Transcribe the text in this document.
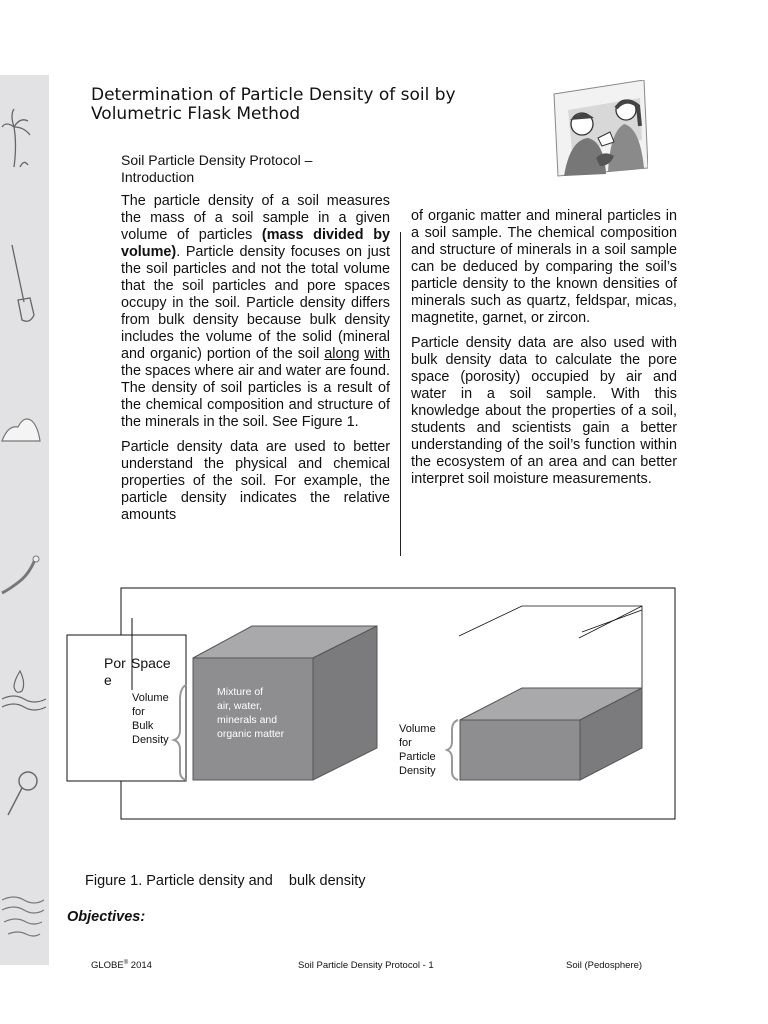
Determination of Particle Density of soil by Volumetric Flask Method
Soil Particle Density Protocol – Introduction

The particle density of a soil measures the mass of a soil sample in a given volume of particles (mass divided by volume). Particle density focuses on just the soil particles and not the total volume that the soil particles and pore spaces occupy in the soil. Particle density differs from bulk density because bulk density includes the volume of the solid (mineral and organic) portion of the soil along with the spaces where air and water are found. The density of soil particles is a result of the chemical composition and structure of the minerals in the soil. See Figure 1.

Particle density data are used to better understand the physical and chemical properties of the soil. For example, the particle density indicates the relative amounts

of organic matter and mineral particles in a soil sample. The chemical composition and structure of minerals in a soil sample can be deduced by comparing the soil’s particle density to the known densities of minerals such as quartz, feldspar, micas, magnetite, garnet, or zircon.

Particle density data are also used with bulk density data to calculate the pore space (porosity) occupied by air and water in a soil sample. With this knowledge about the properties of a soil, students and scientists gain a better understanding of the soil’s function within the ecosystem of an area and can better interpret soil moisture measurements.

Por
e
Space
Mixture of
air, water,
minerals and
organic matter
Volume
for
Bulk
Density
Volume
for
Particle
Density
Figure 1. Particle density and    bulk density
Objectives:
GLOBE® 2014	Soil Particle Density Protocol - 1	Soil (Pedosphere)
